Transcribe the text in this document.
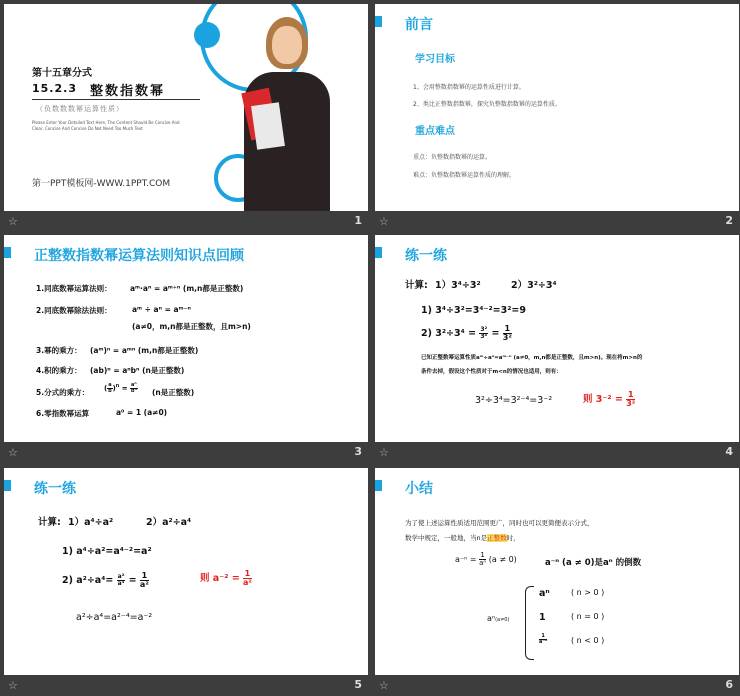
第十五章分式
15.2.3 整数指数幂
（负数数数幂运算性质）
Please Enter Your Detailed Text Here, The Content Should Be Concise And Clear, Concise And Concise Do Not Need Too Much Text
第一PPT模板网-WWW.1PPT.COM
☆	1
前言
学习目标
1、会用整数指数幂的运算性质进行计算。
2、类比正整数指数幂，探究负整数指数幂的运算性质。
重点难点
重点：负整数指数幂的运算。
难点：负整数指数幂运算性质的理解。
☆	2
正整数指数幂运算法则知识点回顾
1.同底数幂运算法则： aᵐ·aⁿ = aᵐ⁺ⁿ (m,n都是正整数)
2.同底数幂除法法则：	aᵐ ÷ aⁿ = aᵐ⁻ⁿ
(a≠0，m,n都是正整数，且m>n)
3.幂的乘方： (aᵐ)ⁿ = aᵐⁿ (m,n都是正整数)
4.积的乘方： (ab)ⁿ = aⁿbⁿ (n是正整数)
5.分式的乘方： ( $\frac{a}{b} )^n = \frac{\text{aⁿ}}{\text{bⁿ}} (n$是正整数)
6.零指数幂运算	a⁰ = 1 (a≠0)
☆	3
练一练
计算: 1）3⁴÷3²	2）3²÷3⁴
1) 3⁴÷3²=3⁴⁻²=3²=9
2) $3^2\div 3^4 = \frac{\text{3²}}{\text{3⁴}} = \frac{1}{\text{3²}}$
已知正整数幂运算性质aᵐ÷aⁿ=aᵐ⁻ⁿ (a≠0，m,n都是正整数，且m>n)。现在将m>n的
条件去掉，假设这个性质对于m<n的情况也适用，则有：
3²÷3⁴=3²⁻⁴=3⁻²	则 $3^{-2} = \frac{1}{\text{3²}}$
☆	4
练一练
计算: 1）a⁴÷a²	2）a²÷a⁴
1) a⁴÷a²=a⁴⁻²=a²
2) $a^2\div a^4= \frac{\text{a²}}{\text{a⁴}} = \frac{1}{\text{a²}}$	则 $a^{-2} = \frac{1}{\text{a²}}$
a²÷a⁴=a²⁻⁴=a⁻²
☆	5
小结
为了使上述运算性质适用范围更广，同时也可以更简便表示分式，
数学中规定，一般地，当n是正整数时，
$a^{-n} = \frac{1}{\text{aⁿ}} (a \ne 0)$	a⁻ⁿ (a ≠ 0)是aⁿ 的倒数
aⁿ(a≠0)
aⁿ	( n > 0 )
1	( n = 0 )
$\frac{1}{\text{a⁻ⁿ}}$	( n < 0 )
☆	6
